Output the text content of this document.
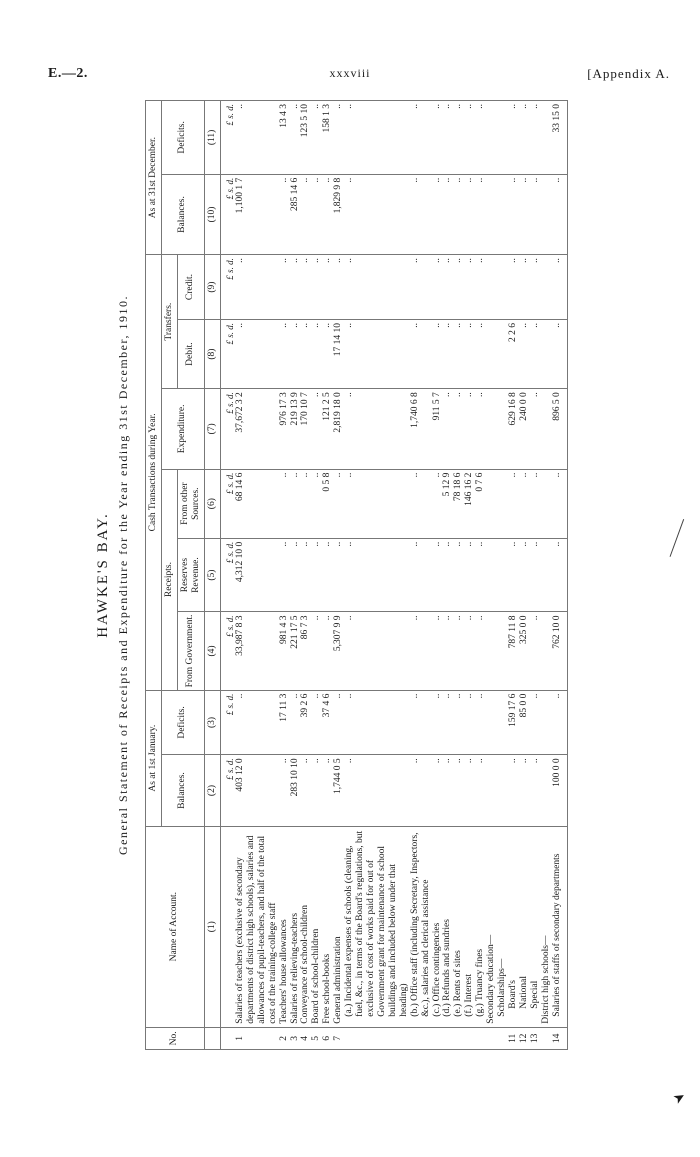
E.—2.	xxxviii	[Appendix A.
HAWKE'S BAY. General Statement of Receipts and Expenditure for the Year ending 31st December, 1910.
No.	Name of Account.	As at 1st January.		Cash Transactions during Year.						As at 31st December.	
		Balances.	Deficits.	Receipts.			Expenditure.	Transfers.		Balances.	Deficits.
				From Government.	Reserves Revenue.	From other Sources.		Debit.	Credit.		
	(1)	(2)	(3)	(4)	(5)	(6)	(7)	(8)	(9)	(10)	(11)
		£ s. d.	£ s. d.	£ s. d.	£ s. d.	£ s. d.	£ s. d.	£ s. d.	£ s. d.	£ s. d.	£ s. d.
1	Salaries of teachers (exclusive of secondary departments of district high schools), salaries and allowances of pupil-teachers, and half of the total cost of the training-college staff	403 12 0	..	33,987 8 3	4,312 10 0	68 14 6	37,672 3 2	..	..	1,100 1 7	..
2	Teachers' house allowances	..	17 11 3	981 4 3	..	..	976 17 3	..	..	..	13 4 3
3	Salaries of relieving-teachers	283 10 10	..	221 17 5	..	..	219 13 9	..	..	285 14 6	..
4	Conveyance of school-children	..	39 2 6	86 7 3	..	..	170 10 7	..	..	..	123 5 10
5	Board of school-children	..	..	..	..	..	..	..	..	..	..
6	Free school-books	..	37 4 6	..	..	0 5 8	121 2 5	..	..	..	158 1 3
7	General administration	1,744 0 5	..	5,307 9 9	..	..	2,819 18 0	17 14 10	..	1,829 9 8	..
	(a.) Incidental expenses of schools (cleaning, fuel, &c., in terms of the Board's regulations, but exclusive of cost of works paid for out of Government grant for maintenance of school buildings and included below under that heading)	..	..	..	..	..	..	..	..	..	..
	(b.) Office staff (including Secretary, Inspectors, &c.), salaries and clerical assistance	..	..	..	..	..	1,740 6 8	..	..	..	..
	(c.) Office contingencies	..	..	..	..	..	911 5 7	..	..	..	..
	(d.) Refunds and sundries	..	..	..	..	5 12 9	..	..	..	..	..
	(e.) Rents of sites	..	..	..	..	78 18 6	..	..	..	..	..
	(f.) Interest	..	..	..	..	146 16 2	..	..	..	..	..
	(g.) Truancy fines	..	..	..	..	0 7 6	..	..	..	..	..
	Secondary education—										
	Scholarships—										
11	Board's	..	159 17 6	787 11 8	..	..	629 16 8	2 2 6	..	..	..
12	National	..	85 0 0	325 0 0	..	..	240 0 0	..	..	..	..
13	Special	..	..	..	..	..	..	..	..	..	..
	District high schools—										
14	Salaries of staffs of secondary departments	100 0 0	..	762 10 0	..	..	896 5 0	..	..	..	33 15 0
➤
